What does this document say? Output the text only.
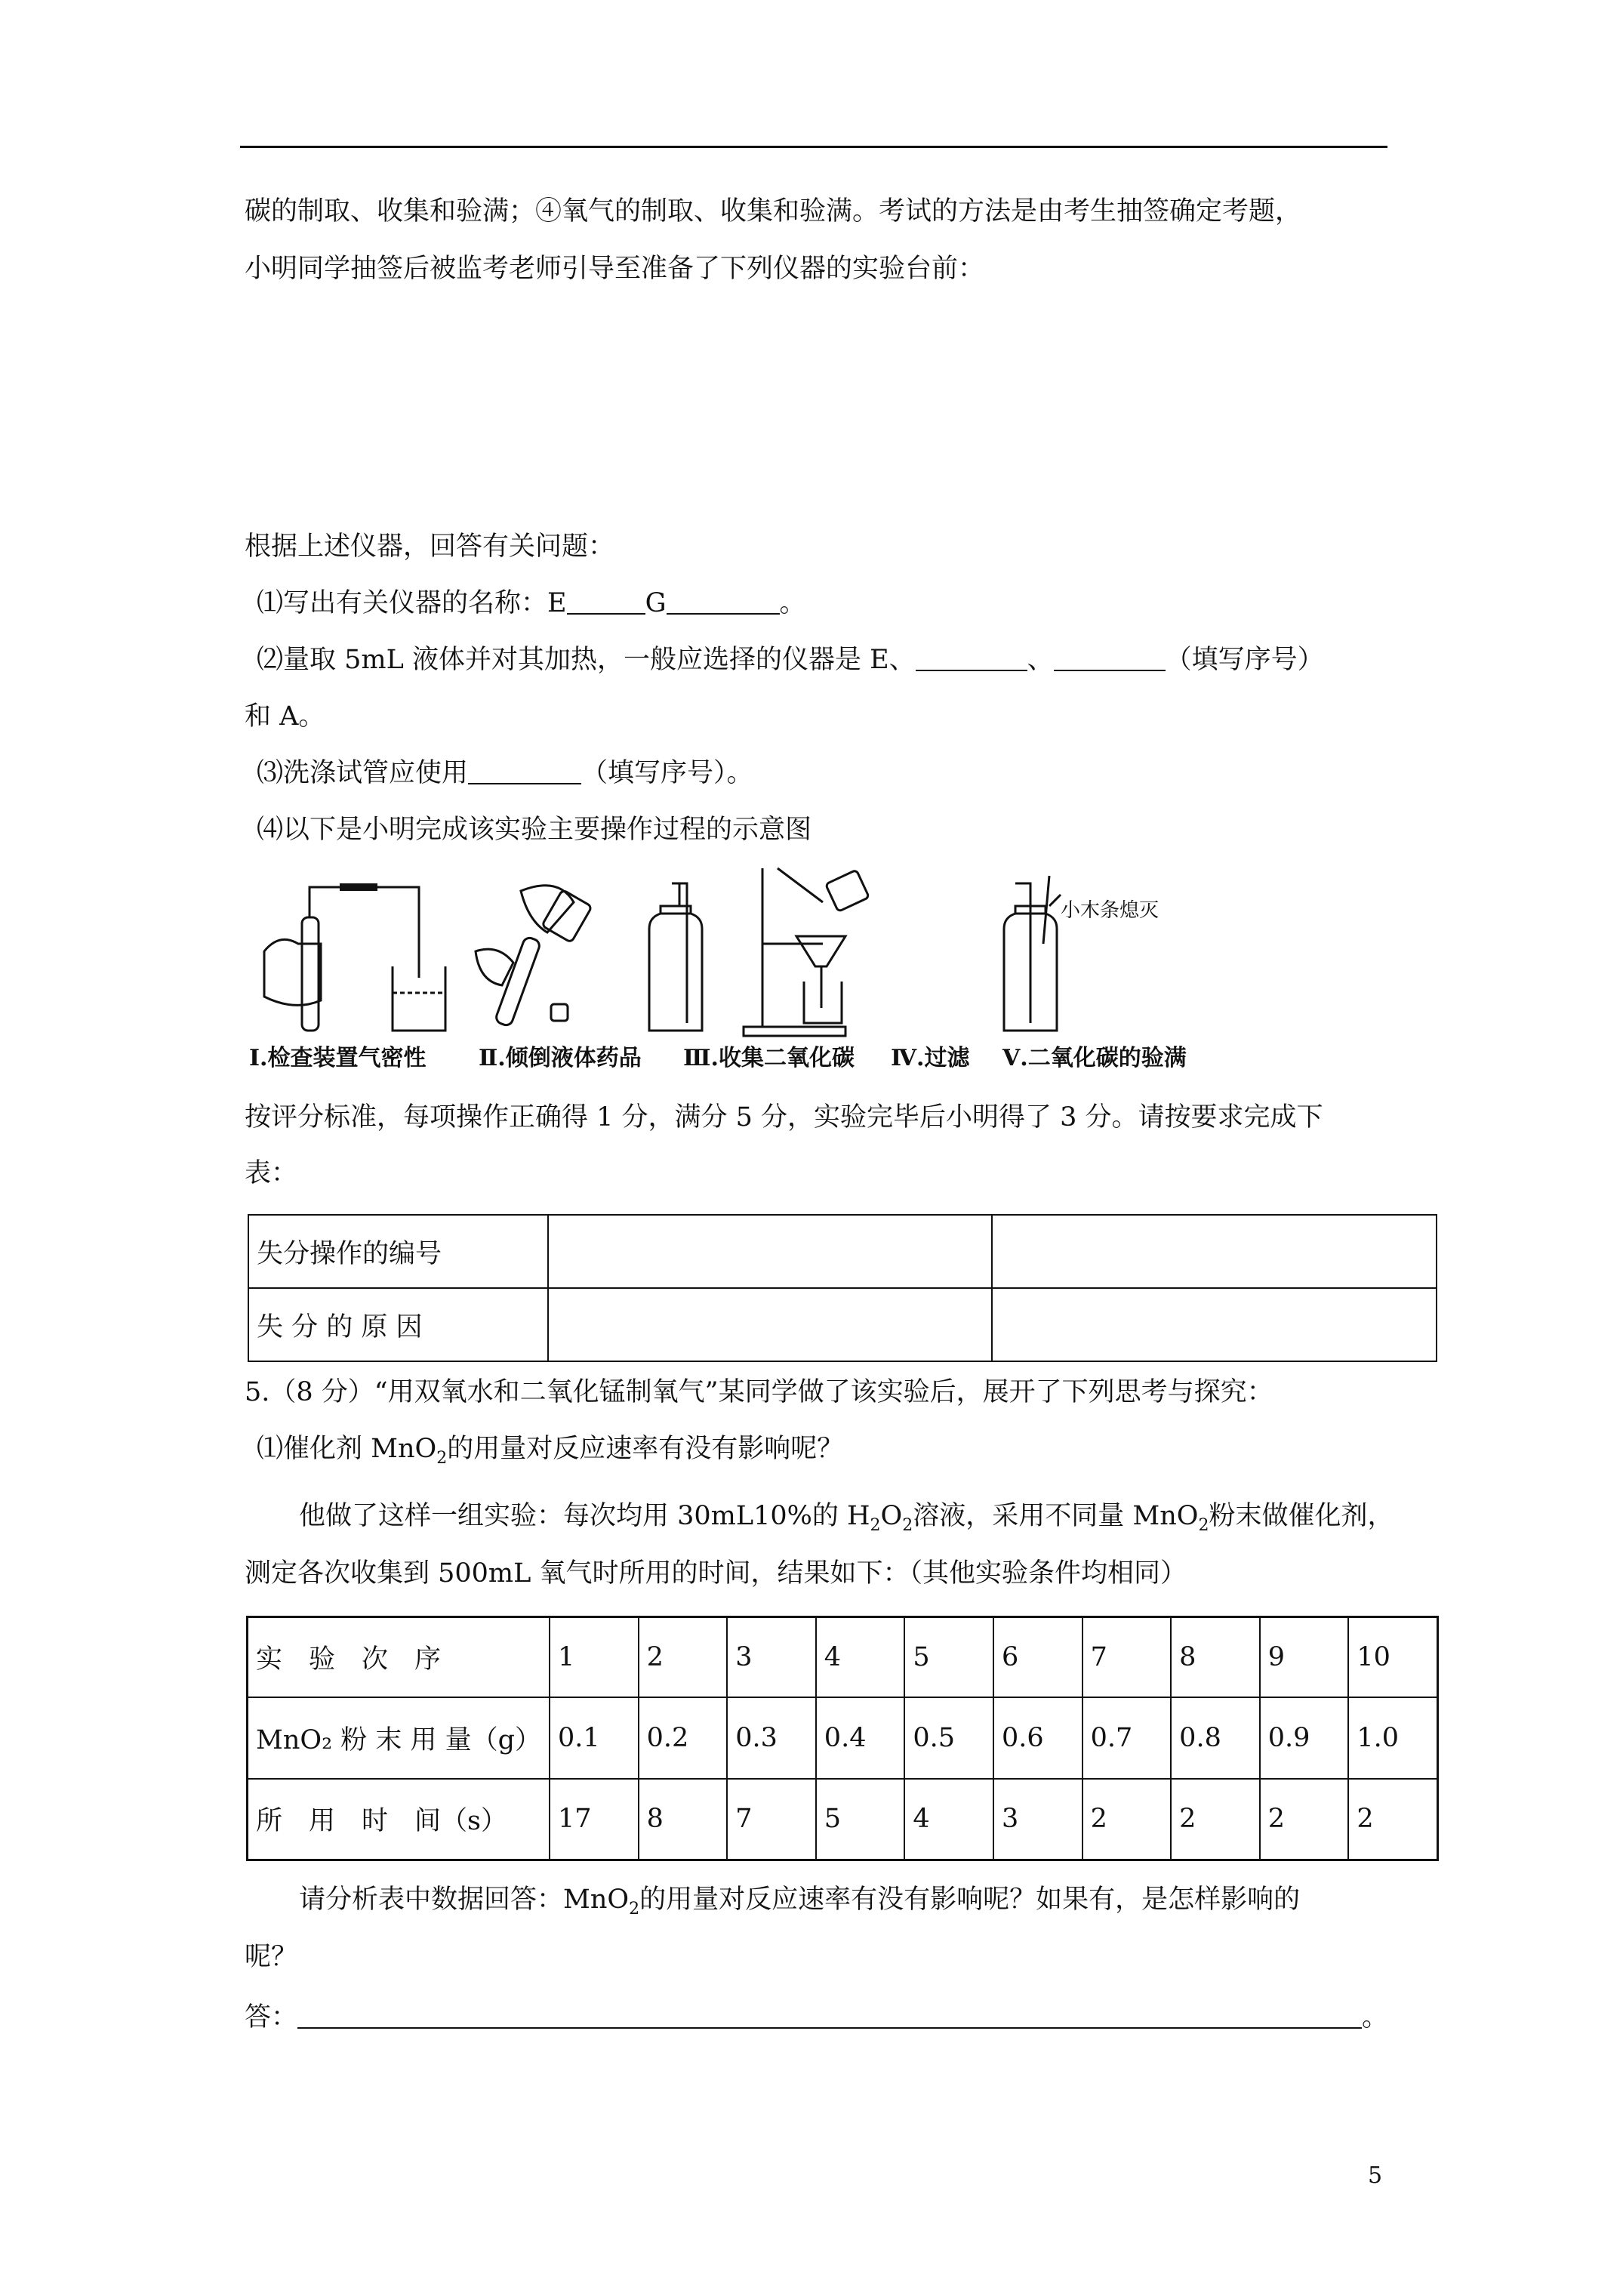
碳的制取、收集和验满；④氧气的制取、收集和验满。考试的方法是由考生抽签确定考题，
小明同学抽签后被监考老师引导至准备了下列仪器的实验台前：
根据上述仪器，回答有关问题：
⑴写出有关仪器的名称：E	G	。
⑵量取 5mL 液体并对其加热，一般应选择的仪器是 E、	、	（填写序号）
和 A。
⑶洗涤试管应使用	（填写序号）。
⑷以下是小明完成该实验主要操作过程的示意图
小木条熄灭
Ⅰ.检查装置气密性 Ⅱ.倾倒液体药品 Ⅲ.收集二氧化碳 Ⅳ.过滤 Ⅴ.二氧化碳的验满
按评分标准，每项操作正确得 1 分，满分 5 分，实验完毕后小明得了 3 分。请按要求完成下
表：
失分操作的编号		
失 分 的 原 因		
5.（8 分）“用双氧水和二氧化锰制氧气”某同学做了该实验后，展开了下列思考与探究：
⑴催化剂 MnO$_2$的用量对反应速率有没有影响呢？
他做了这样一组实验：每次均用 30mL10%的 $H_2O_2$溶液，采用不同量 MnO$_2$粉末做催化剂，
测定各次收集到 500mL 氧气时所用的时间，结果如下：（其他实验条件均相同）
实　验　次　序	1	2	3	4	5	6	7	8	9	10
MnO₂ 粉 末 用 量（g）	0.1	0.2	0.3	0.4	0.5	0.6	0.7	0.8	0.9	1.0
所　用　时　间（s）	17	8	7	5	4	3	2	2	2	2
请分析表中数据回答：MnO$_2$的用量对反应速率有没有影响呢？如果有，是怎样影响的
呢？
答：	。
5
